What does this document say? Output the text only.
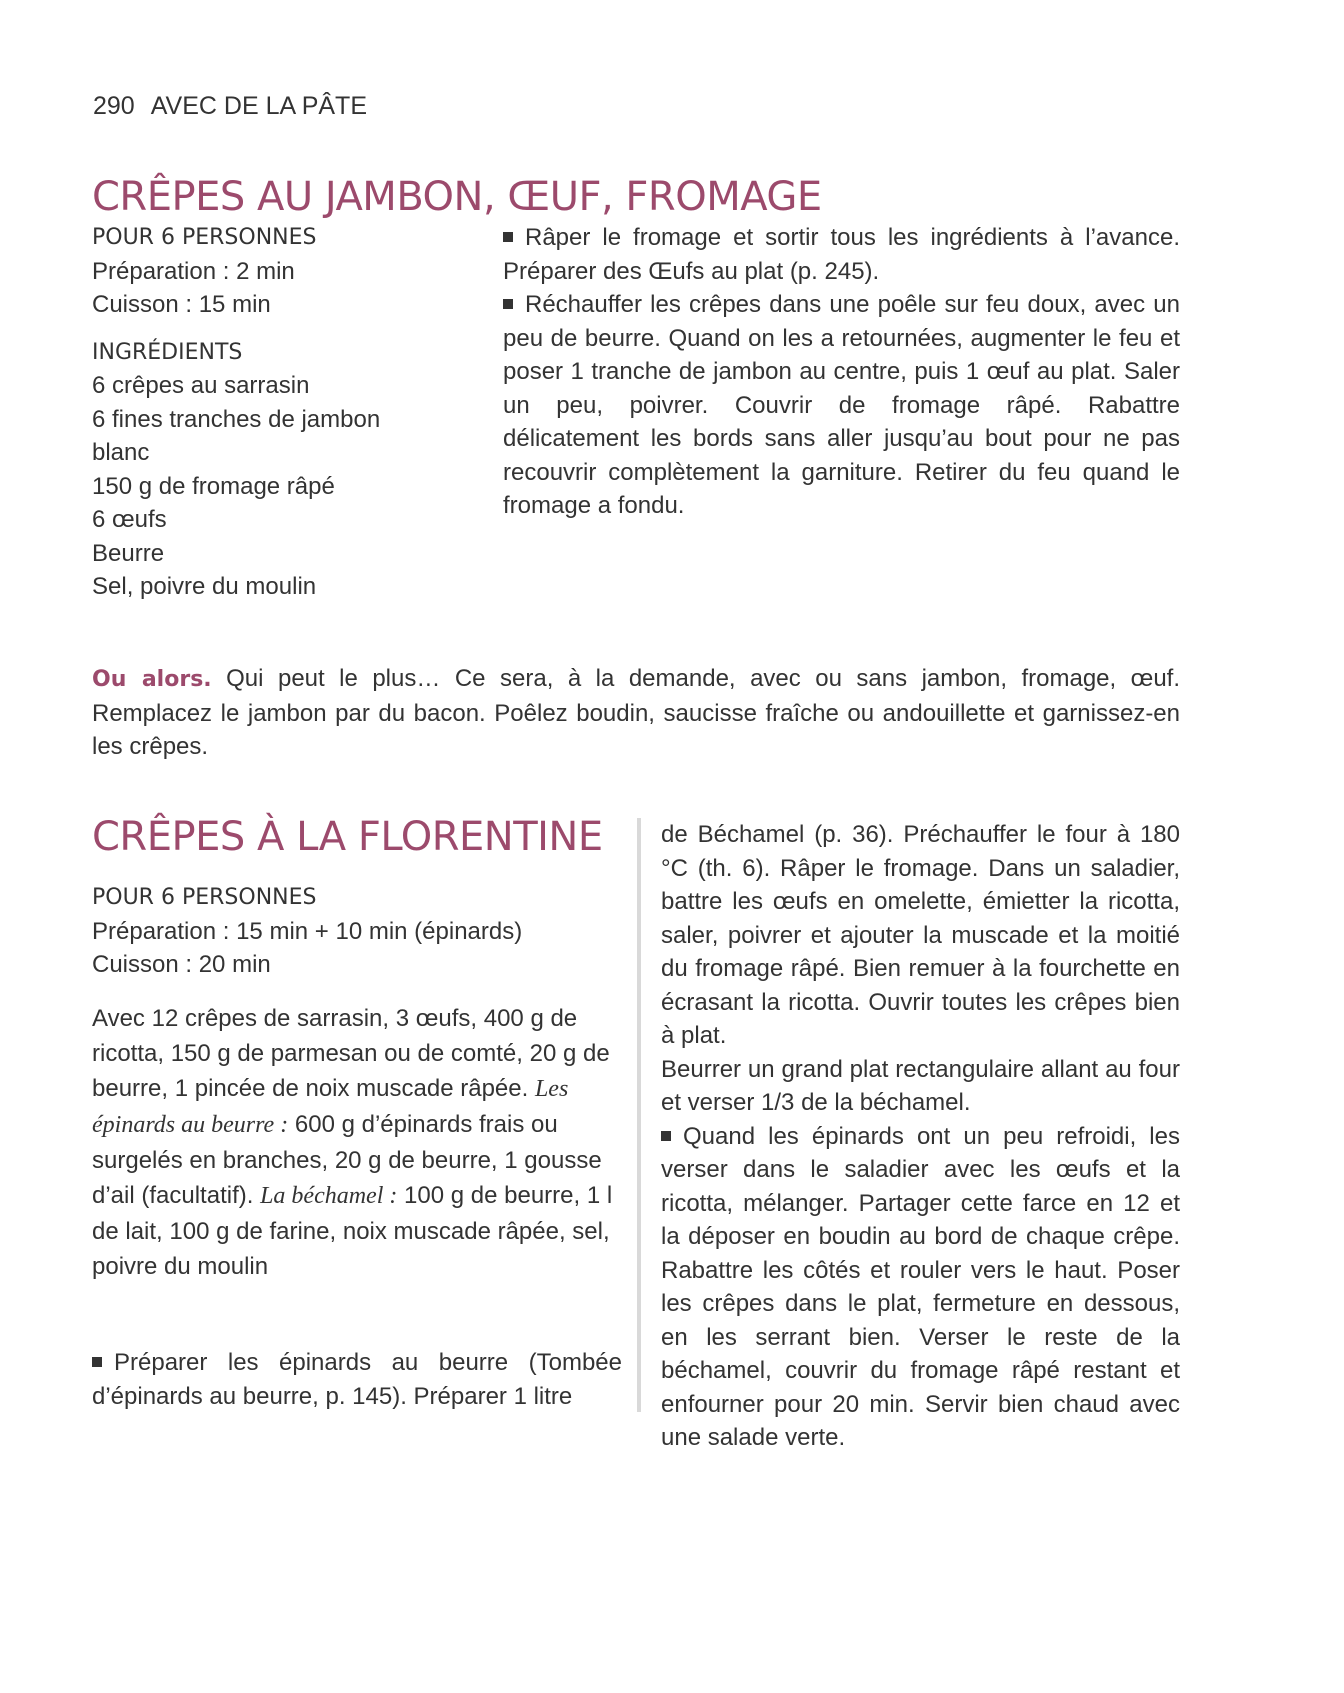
290 AVEC DE LA PÂTE
CRÊPES AU JAMBON, ŒUF, FROMAGE

POUR 6 PERSONNES

Préparation : 2 min

Cuisson : 15 min

INGRÉDIENTS

6 crêpes au sarrasin

6 fines tranches de jambon blanc

150 g de fromage râpé

6 œufs

Beurre

Sel, poivre du moulin

Râper le fromage et sortir tous les ingrédients à l’avance. Préparer des Œufs au plat (p. 245).

Réchauffer les crêpes dans une poêle sur feu doux, avec un peu de beurre. Quand on les a retournées, augmenter le feu et poser 1 tranche de jambon au centre, puis 1 œuf au plat. Saler un peu, poivrer. Couvrir de fromage râpé. Rabattre délicatement les bords sans aller jusqu’au bout pour ne pas recouvrir complètement la garniture. Retirer du feu quand le fromage a fondu.

Ou alors. Qui peut le plus… Ce sera, à la demande, avec ou sans jambon, fromage, œuf. Remplacez le jambon par du bacon. Poêlez boudin, saucisse fraîche ou andouillette et garnissez-en les crêpes.

CRÊPES À LA FLORENTINE

POUR 6 PERSONNES

Préparation : 15 min + 10 min (épinards)

Cuisson : 20 min

Avec 12 crêpes de sarrasin, 3 œufs, 400 g de ricotta, 150 g de parmesan ou de comté, 20 g de beurre, 1 pincée de noix muscade râpée. Les épinards au beurre : 600 g d’épinards frais ou surgelés en branches, 20 g de beurre, 1 gousse d’ail (facultatif). La béchamel : 100 g de beurre, 1 l de lait, 100 g de farine, noix muscade râpée, sel, poivre du moulin

Préparer les épinards au beurre (Tombée d’épinards au beurre, p. 145). Préparer 1 litre

de Béchamel (p. 36). Préchauffer le four à 180 °C (th. 6). Râper le fromage. Dans un saladier, battre les œufs en omelette, émietter la ricotta, saler, poivrer et ajouter la muscade et la moitié du fromage râpé. Bien remuer à la fourchette en écrasant la ricotta. Ouvrir toutes les crêpes bien à plat.

Beurrer un grand plat rectangulaire allant au four et verser 1/3 de la béchamel.

Quand les épinards ont un peu refroidi, les verser dans le saladier avec les œufs et la ricotta, mélanger. Partager cette farce en 12 et la déposer en boudin au bord de chaque crêpe. Rabattre les côtés et rouler vers le haut. Poser les crêpes dans le plat, fermeture en dessous, en les serrant bien. Verser le reste de la béchamel, couvrir du fromage râpé restant et enfourner pour 20 min. Servir bien chaud avec une salade verte.
